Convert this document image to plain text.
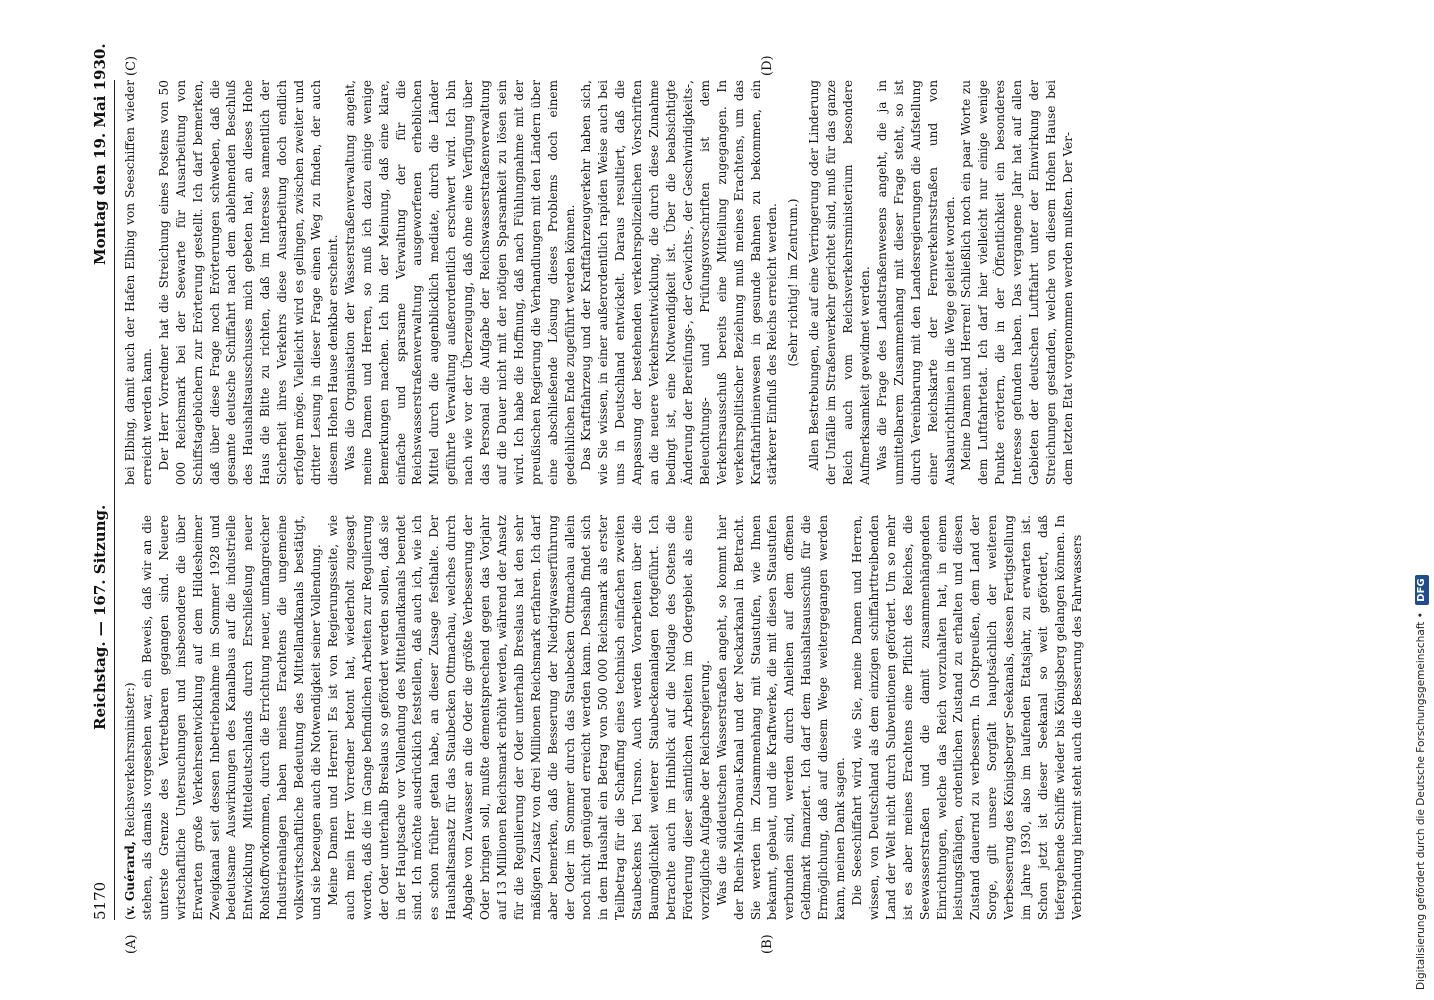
5170
Reichstag. — 167. Sitzung.
Montag den 19. Mai 1930.
(A)	(B)
(C)	(D)

(v. Guérard, Reichsverkehrsminister:) stehen, als damals vorgesehen war, ein Beweis, daß wir an die unterste Grenze des Vertretbaren gegangen sind. Neuere wirtschaftliche Untersuchungen und insbesondere die über Erwarten große Verkehrsentwicklung auf dem Hildesheimer Zweigkanal seit dessen Inbetriebnahme im Sommer 1928 und bedeutsame Auswirkungen des Kanalbaus auf die industrielle Entwicklung Mitteldeutschlands durch Erschließung neuer Rohstoffvorkommen, durch die Errichtung neuer, umfangreicher Industrieanlagen haben meines Erachtens die ungemeine volkswirtschaftliche Bedeutung des Mittellandkanals bestätigt, und sie bezeugen auch die Notwendigkeit seiner Vollendung. Meine Damen und Herren! Es ist von Regierungsseite, wie auch mein Herr Vorredner betont hat, wiederholt zugesagt worden, daß die im Gange befindlichen Arbeiten zur Regulierung der Oder unterhalb Breslaus so gefördert werden sollen, daß sie in der Hauptsache vor Vollendung des Mittellandkanals beendet sind. Ich möchte ausdrücklich feststellen, daß auch ich, wie ich es schon früher getan habe, an dieser Zusage festhalte. Der Haushaltsansatz für das Staubecken Ottmachau, welches durch Abgabe von Zuwasser an die Oder die größte Verbesserung der Oder bringen soll, mußte dementsprechend gegen das Vorjahr auf 13 Millionen Reichsmark erhöht werden, während der Ansatz für die Regulierung der Oder unterhalb Breslaus hat den sehr mäßigen Zusatz von drei Millionen Reichsmark erfahren. Ich darf aber bemerken, daß die Besserung der Niedrigwasserführung der Oder im Sommer durch das Staubecken Ottmachau allein noch nicht genügend erreicht werden kann. Deshalb findet sich in dem Haushalt ein Betrag von 500 000 Reichsmark als erster Teilbetrag für die Schaffung eines technisch einfachen zweiten Staubeckens bei Tursno. Auch werden Vorarbeiten über die Baumöglichkeit weiterer Staubeckenanlagen fortgeführt. Ich betrachte auch im Hinblick auf die Notlage des Ostens die Förderung dieser sämtlichen Arbeiten im Odergebiet als eine vorzügliche Aufgabe der Reichsregierung. Was die süddeutschen Wasserstraßen angeht, so kommt hier der Rhein-Main-Donau-Kanal und der Neckarkanal in Betracht. Sie werden im Zusammenhang mit Staustufen, wie Ihnen bekannt, gebaut, und die Kraftwerke, die mit diesen Staustufen verbunden sind, werden durch Anleihen auf dem offenen Geldmarkt finanziert. Ich darf dem Haushaltsausschuß für die Ermöglichung, daß auf diesem Wege weitergegangen werden kann, meinen Dank sagen. Die Seeschiffahrt wird, wie Sie, meine Damen und Herren, wissen, von Deutschland als dem einzigen schiffahrttreibenden Land der Welt nicht durch Subventionen gefördert. Um so mehr ist es aber meines Erachtens eine Pflicht des Reiches, die Seewasserstraßen und die damit zusammenhängenden Einrichtungen, welche das Reich vorzuhalten hat, in einem leistungsfähigen, ordentlichen Zustand zu erhalten und diesen Zustand dauernd zu verbessern. In Ostpreußen, dem Land der Sorge, gilt unsere Sorgfalt hauptsächlich der weiteren Verbesserung des Königsberger Seekanals, dessen Fertigstellung im Jahre 1930, also im laufenden Etatsjahr, zu erwarten ist. Schon jetzt ist dieser Seekanal so weit gefördert, daß tiefergehende Schiffe wieder bis Königsberg gelangen können. In Verbindung hiermit steht auch die Besserung des Fahrwassers

bei Elbing, damit auch der Hafen Elbing von Seeschiffen wieder erreicht werden kann. Der Herr Vorredner hat die Streichung eines Postens von 50 000 Reichsmark bei der Seewarte für Ausarbeitung von Schiffstagebüchern zur Erörterung gestellt. Ich darf bemerken, daß über diese Frage noch Erörterungen schweben, daß die gesamte deutsche Schiffahrt nach dem ablehnenden Beschluß des Haushaltsausschusses mich gebeten hat, an dieses Hohe Haus die Bitte zu richten, daß im Interesse namentlich der Sicherheit ihres Verkehrs diese Ausarbeitung doch endlich erfolgen möge. Vielleicht wird es gelingen, zwischen zweiter und dritter Lesung in dieser Frage einen Weg zu finden, der auch diesem Hohen Hause denkbar erscheint. Was die Organisation der Wasserstraßenverwaltung angeht, meine Damen und Herren, so muß ich dazu einige wenige Bemerkungen machen. Ich bin der Meinung, daß eine klare, einfache und sparsame Verwaltung der für die Reichswasserstraßenverwaltung ausgeworfenen erheblichen Mittel durch die augenblicklich mediate, durch die Länder geführte Verwaltung außerordentlich erschwert wird. Ich bin nach wie vor der Überzeugung, daß ohne eine Verfügung über das Personal die Aufgabe der Reichswasserstraßenverwaltung auf die Dauer nicht mit der nötigen Sparsamkeit zu lösen sein wird. Ich habe die Hoffnung, daß nach Fühlungnahme mit der preußischen Regierung die Verhandlungen mit den Ländern über eine abschließende Lösung dieses Problems doch einem gedeihlichen Ende zugeführt werden können. Das Kraftfahrzeug und der Kraftfahrzeugverkehr haben sich, wie Sie wissen, in einer außerordentlich rapiden Weise auch bei uns in Deutschland entwickelt. Daraus resultiert, daß die Anpassung der bestehenden verkehrspolizeilichen Vorschriften an die neuere Verkehrsentwicklung, die durch diese Zunahme bedingt ist, eine Notwendigkeit ist. Über die beabsichtigte Änderung der Bereifungs-, der Gewichts-, der Geschwindigkeits-, Beleuchtungs- und Prüfungsvorschriften ist dem Verkehrsausschuß bereits eine Mitteilung zugegangen. In verkehrspolitischer Beziehung muß meines Erachtens, um das Kraftfahrlinienwesen in gesunde Bahnen zu bekommen, ein stärkerer Einfluß des Reichs erreicht werden. (Sehr richtig! im Zentrum.) Allen Bestrebungen, die auf eine Verringerung oder Linderung der Unfälle im Straßenverkehr gerichtet sind, muß für das ganze Reich auch vom Reichsverkehrsministerium besondere Aufmerksamkeit gewidmet werden. Was die Frage des Landstraßenwesens angeht, die ja in unmittelbarem Zusammenhang mit dieser Frage steht, so ist durch Vereinbarung mit den Landesregierungen die Aufstellung einer Reichskarte der Fernverkehrsstraßen und von Ausbaurichtlinien in die Wege geleitet worden. Meine Damen und Herren! Schließlich noch ein paar Worte zu dem Luftfahrtetat. Ich darf hier vielleicht nur einige wenige Punkte erörtern, die in der Öffentlichkeit ein besonderes Interesse gefunden haben. Das vergangene Jahr hat auf allen Gebieten der deutschen Luftfahrt unter der Einwirkung der Streichungen gestanden, welche von diesem Hohen Hause bei dem letzten Etat vorgenommen werden mußten. Der Ver-

Digitalisierung gefördert durch die Deutsche Forschungsgemeinschaft • DFG
